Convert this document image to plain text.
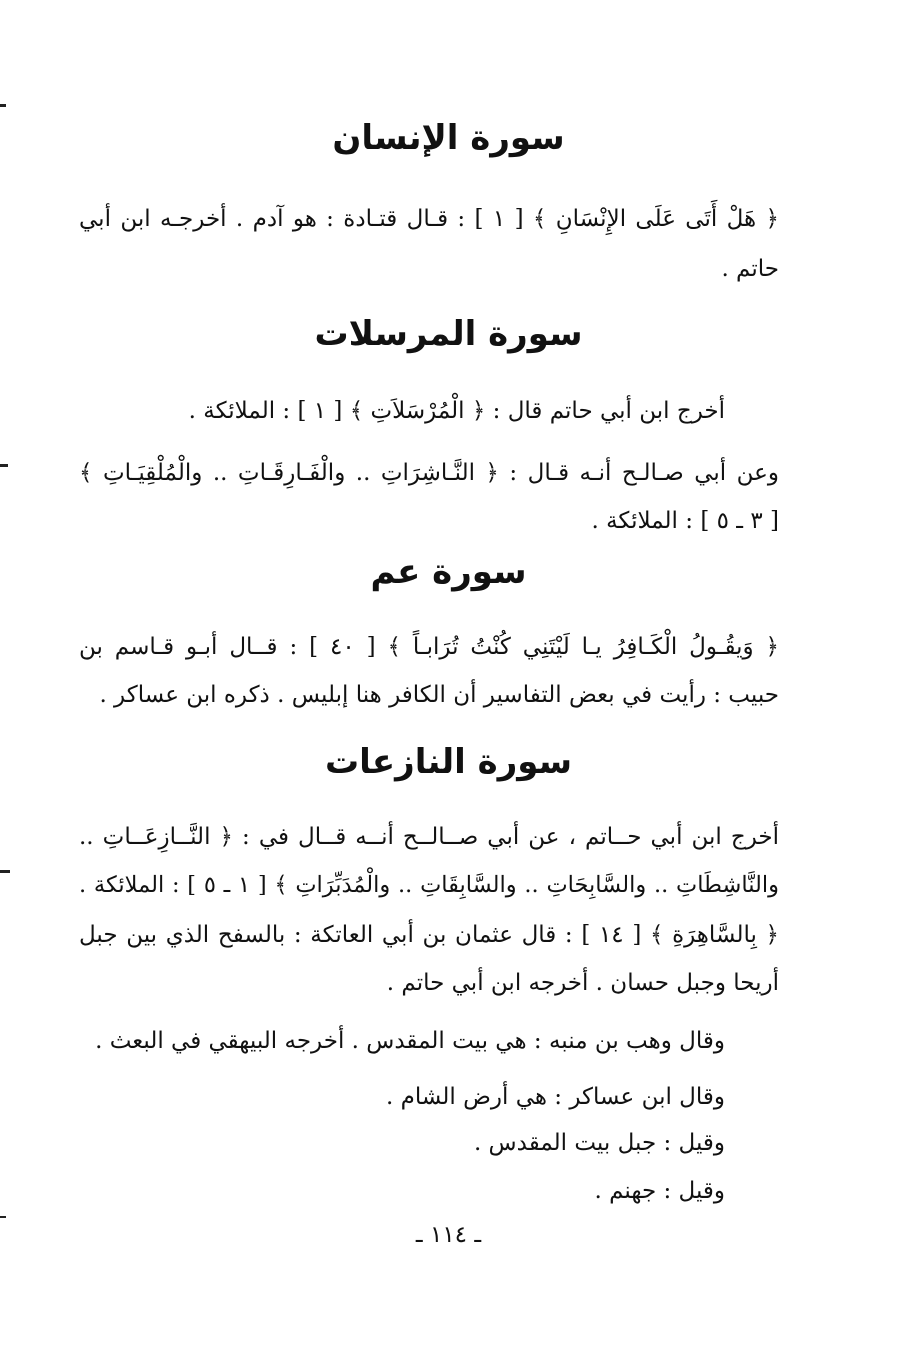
سورة الإنسان

﴿ هَلْ أَتَى عَلَى الإِنْسَانِ ﴾ [ ١ ] : قـال قتـادة : هو آدم . أخرجـه ابن أبي

حاتم .

سورة المرسلات

أخرج ابن أبي حاتم قال : ﴿ الْمُرْسَلاَتِ ﴾ [ ١ ] : الملائكة .

وعن أبي صـالـح أنـه قـال : ﴿ النَّـاشِرَاتِ .. والْفَـارِقَـاتِ .. والْمُلْقِيَـاتِ ﴾

[ ٣ ـ ٥ ] : الملائكة .

سورة عم

﴿ وَيقُـولُ الْكَـافِرُ يـا لَيْتَنِي كُنْتُ تُرَابـاً ﴾ [ ٤٠ ] : قــال أبـو قـاسم بن

حبيب : رأيت في بعض التفاسير أن الكافر هنا إبليس . ذكره ابن عساكر .

سورة النازعات

أخرج ابن أبي حــاتم ، عن أبي صــالــح أنــه قــال في : ﴿ النَّــازِعَــاتِ ..

والنَّاشِطَاتِ .. والسَّابِحَاتِ .. والسَّابِقَاتِ .. والْمُدَبِّرَاتِ ﴾ [ ١ ـ ٥ ] : الملائكة .

﴿ بِالسَّاهِرَةِ ﴾ [ ١٤ ] : قال عثمان بن أبي العاتكة : بالسفح الذي بين جبل

أريحا وجبل حسان . أخرجه ابن أبي حاتم .

وقال وهب بن منبه : هي بيت المقدس . أخرجه البيهقي في البعث .

وقال ابن عساكر : هي أرض الشام .

وقيل : جبل بيت المقدس .

وقيل : جهنم .

ـ ١١٤ ـ
